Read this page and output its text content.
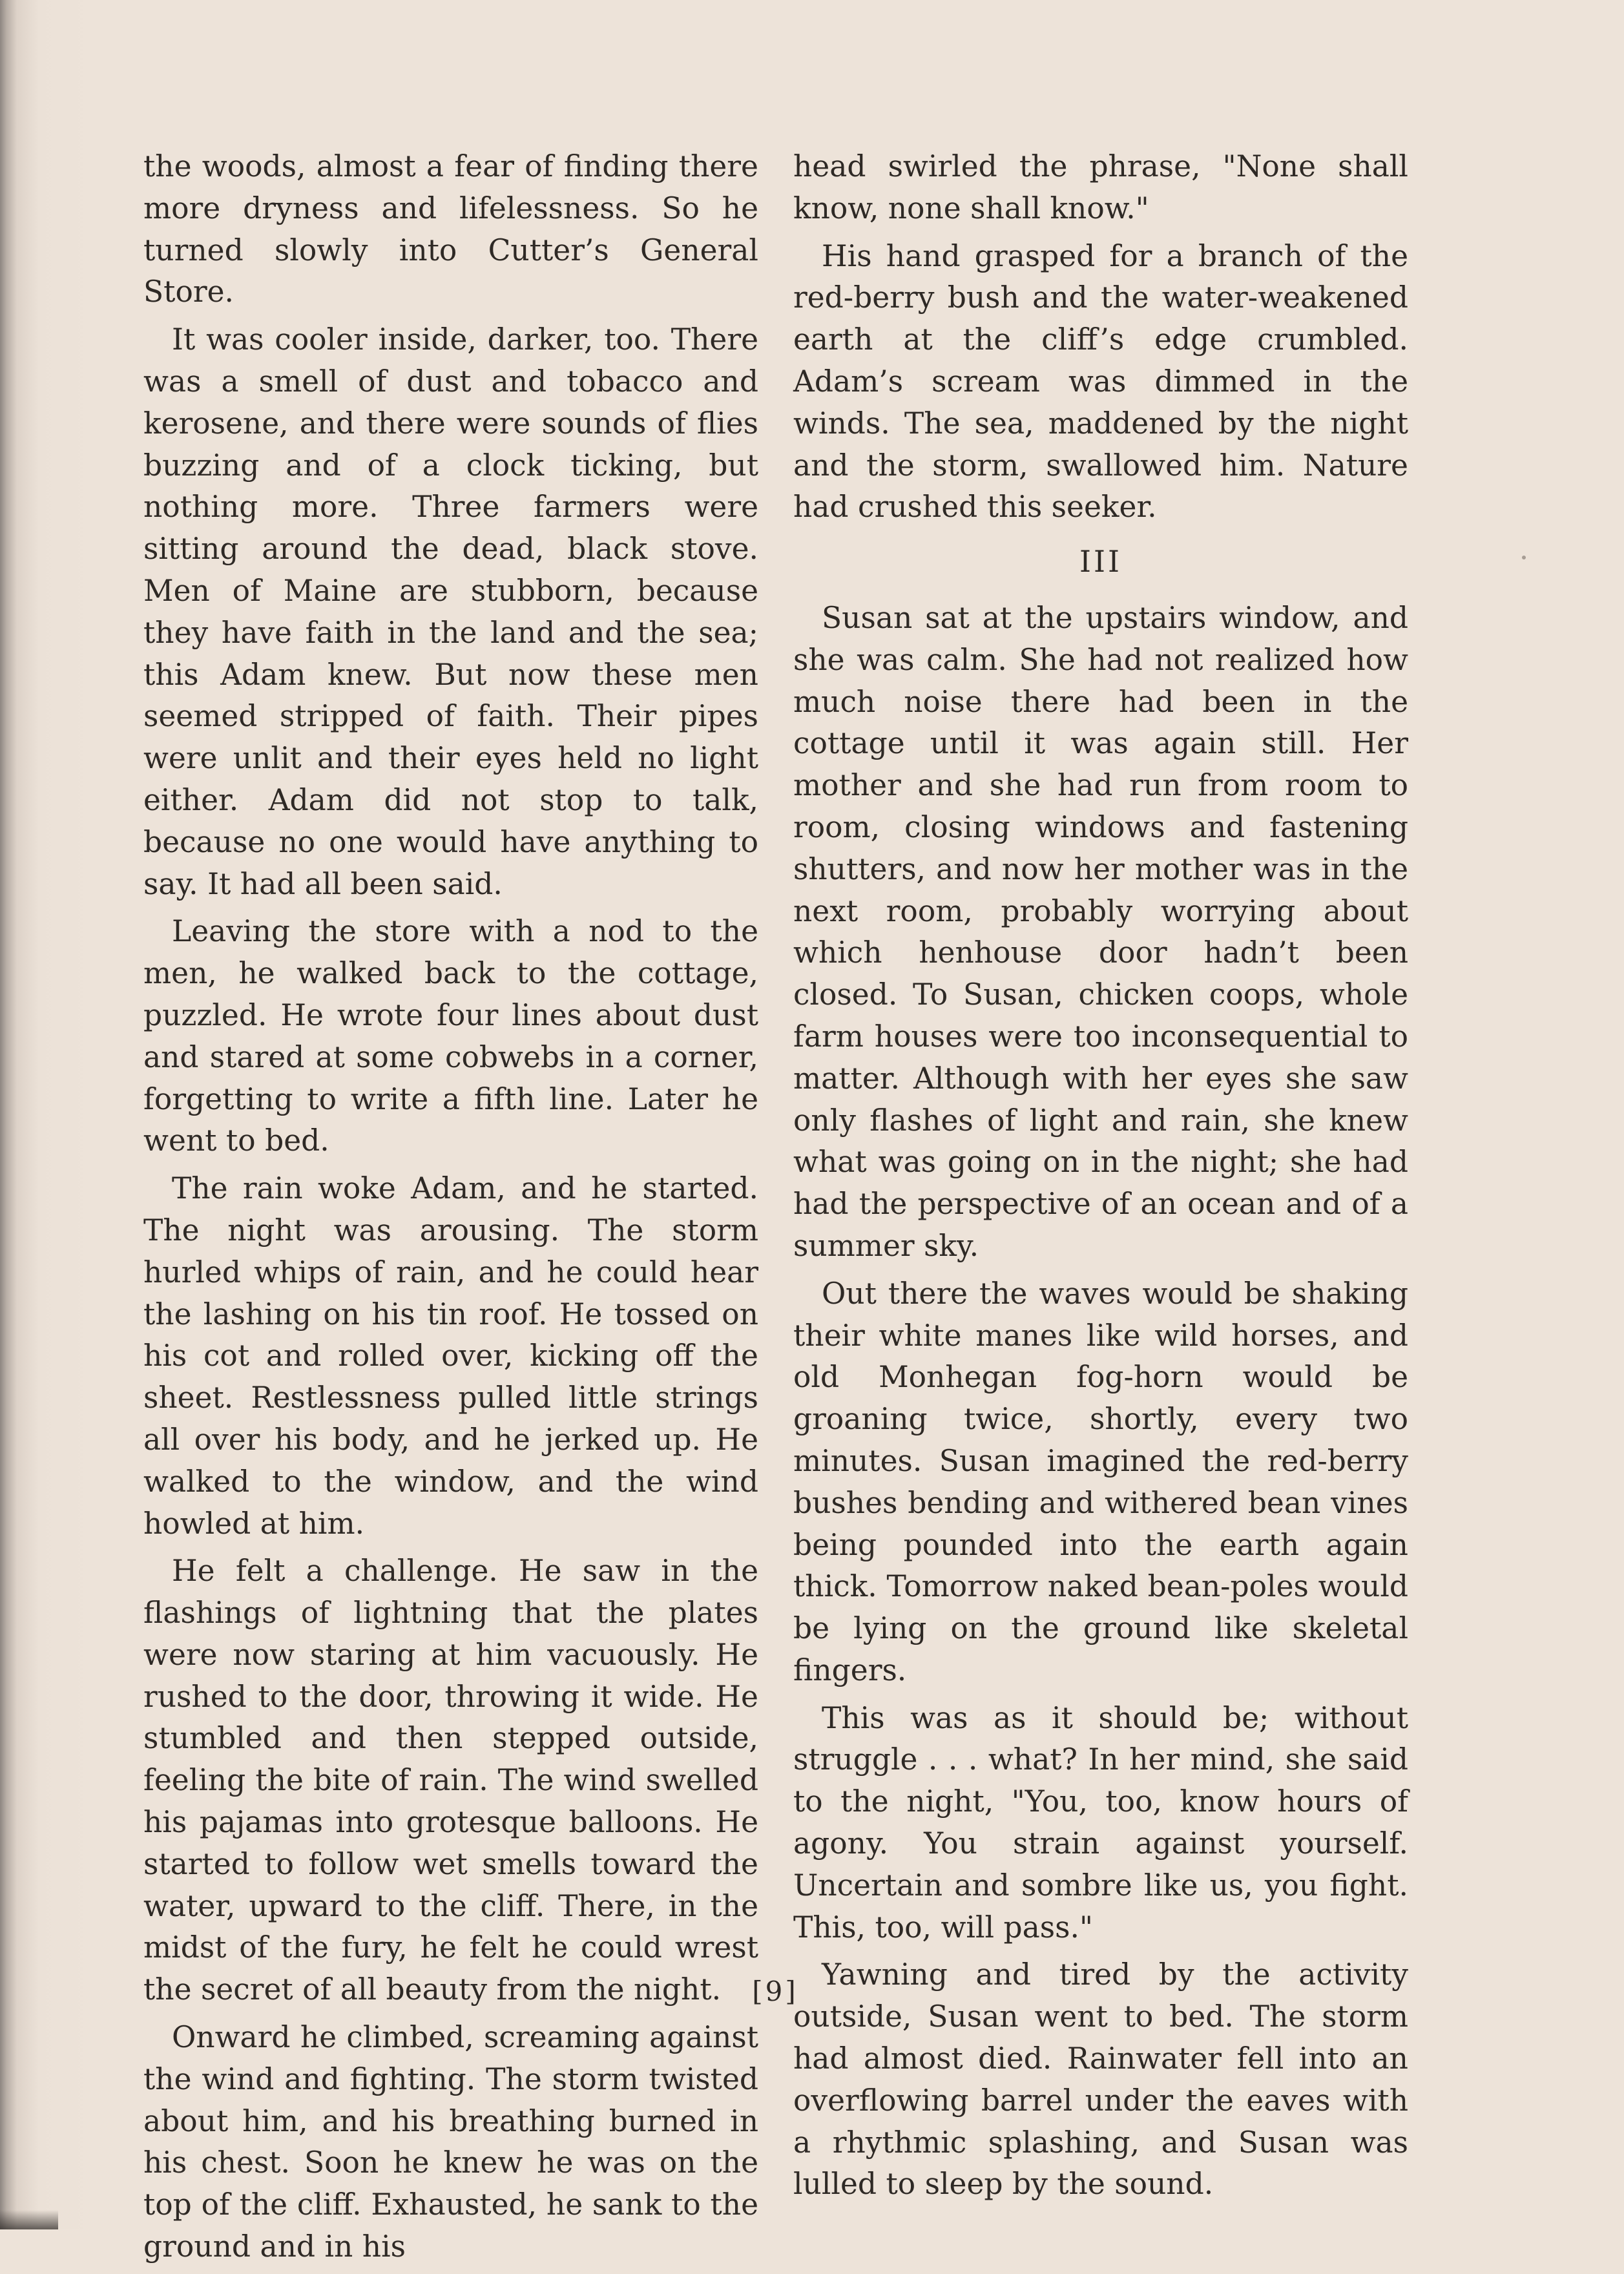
the woods, almost a fear of finding there more dryness and lifelessness. So he turned slowly into Cutter’s General Store.

It was cooler inside, darker, too. There was a smell of dust and tobacco and kerosene, and there were sounds of flies buzzing and of a clock ticking, but nothing more. Three farmers were sitting around the dead, black stove. Men of Maine are stubborn, because they have faith in the land and the sea; this Adam knew. But now these men seemed stripped of faith. Their pipes were unlit and their eyes held no light either. Adam did not stop to talk, because no one would have anything to say. It had all been said.

Leaving the store with a nod to the men, he walked back to the cottage, puzzled. He wrote four lines about dust and stared at some cobwebs in a corner, forgetting to write a fifth line. Later he went to bed.

The rain woke Adam, and he started. The night was arousing. The storm hurled whips of rain, and he could hear the lashing on his tin roof. He tossed on his cot and rolled over, kicking off the sheet. Restlessness pulled little strings all over his body, and he jerked up. He walked to the window, and the wind howled at him.

He felt a challenge. He saw in the flashings of lightning that the plates were now staring at him vacuously. He rushed to the door, throwing it wide. He stumbled and then stepped outside, feeling the bite of rain. The wind swelled his pajamas into grotesque balloons. He started to follow wet smells toward the water, upward to the cliff. There, in the midst of the fury, he felt he could wrest the secret of all beauty from the night.

Onward he climbed, screaming against the wind and fighting. The storm twisted about him, and his breathing burned in his chest. Soon he knew he was on the top of the cliff. Exhausted, he sank to the ground and in his

head swirled the phrase, "None shall know, none shall know."

His hand grasped for a branch of the red-berry bush and the water-weakened earth at the cliff’s edge crumbled. Adam’s scream was dimmed in the winds. The sea, maddened by the night and the storm, swallowed him. Nature had crushed this seeker.

III

Susan sat at the upstairs window, and she was calm. She had not realized how much noise there had been in the cottage until it was again still. Her mother and she had run from room to room, closing windows and fastening shutters, and now her mother was in the next room, probably worrying about which henhouse door hadn’t been closed. To Susan, chicken coops, whole farm houses were too inconsequential to matter. Although with her eyes she saw only flashes of light and rain, she knew what was going on in the night; she had had the perspective of an ocean and of a summer sky.

Out there the waves would be shaking their white manes like wild horses, and old Monhegan fog-horn would be groaning twice, shortly, every two minutes. Susan imagined the red-berry bushes bending and withered bean vines being pounded into the earth again thick. Tomorrow naked bean-poles would be lying on the ground like skeletal fingers.

This was as it should be; without struggle . . . what? In her mind, she said to the night, "You, too, know hours of agony. You strain against yourself. Uncertain and sombre like us, you fight. This, too, will pass."

Yawning and tired by the activity outside, Susan went to bed. The storm had almost died. Rainwater fell into an overflowing barrel under the eaves with a rhythmic splashing, and Susan was lulled to sleep by the sound.

[9]
